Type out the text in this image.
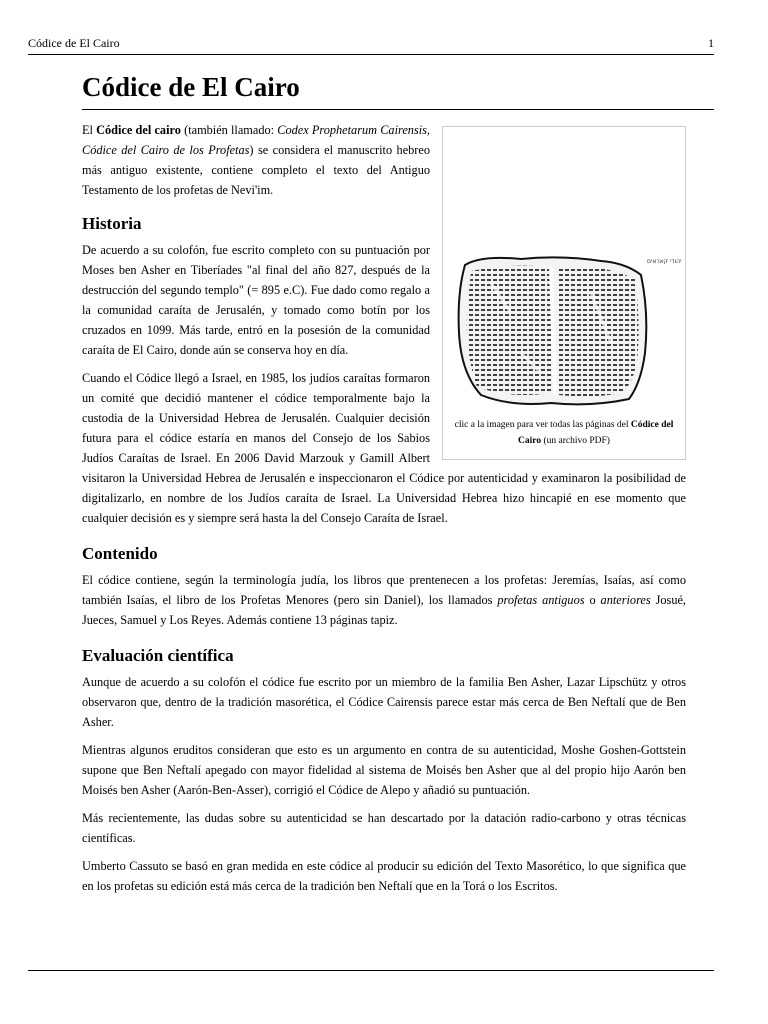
Códice de El Cairo	1
Códice de El Cairo
יהודי קאראים
clic a la imagen para ver todas las páginas del Códice del Cairo (un archivo PDF)

El Códice del cairo (también llamado: Codex Prophetarum Cairensis, Códice del Cairo de los Profetas) se considera el manuscrito hebreo más antiguo existente, contiene completo el texto del Antiguo Testamento de los profetas de Nevi'im.

Historia

De acuerdo a su colofón, fue escrito completo con su puntuación por Moses ben Asher en Tiberíades "al final del año 827, después de la destrucción del segundo templo" (= 895 e.C). Fue dado como regalo a la comunidad caraíta de Jerusalén, y tomado como botín por los cruzados en 1099. Más tarde, entró en la posesión de la comunidad caraíta de El Cairo, donde aún se conserva hoy en día.

Cuando el Códice llegó a Israel, en 1985, los judíos caraítas formaron un comité que decidió mantener el códice temporalmente bajo la custodia de la Universidad Hebrea de Jerusalén. Cualquier decisión futura para el códice estaría en manos del Consejo de los Sabios Judíos Caraítas de Israel. En 2006 David Marzouk y Gamill Albert visitaron la Universidad Hebrea de Jerusalén e inspeccionaron el Códice por autenticidad y examinaron la posibilidad de digitalizarlo, en nombre de los Judíos caraíta de Israel. La Universidad Hebrea hizo hincapié en ese momento que cualquier decisión es y siempre será hasta la del Consejo Caraíta de Israel.

Contenido

El códice contiene, según la terminología judía, los libros que prentenecen a los profetas: Jeremías, Isaías, así como también Isaías, el libro de los Profetas Menores (pero sin Daniel), los llamados profetas antiguos o anteriores Josué, Jueces, Samuel y Los Reyes. Además contiene 13 páginas tapiz.

Evaluación científica

Aunque de acuerdo a su colofón el códice fue escrito por un miembro de la familia Ben Asher, Lazar Lipschütz y otros observaron que, dentro de la tradición masorética, el Códice Cairensis parece estar más cerca de Ben Neftalí que de Ben Asher.

Mientras algunos eruditos consideran que esto es un argumento en contra de su autenticidad, Moshe Goshen-Gottstein supone que Ben Neftalí apegado con mayor fidelidad al sistema de Moisés ben Asher que al del propio hijo Aarón ben Moisés ben Asher (Aarón-Ben-Asser), corrigió el Códice de Alepo y añadió su puntuación.

Más recientemente, las dudas sobre su autenticidad se han descartado por la datación radio-carbono y otras técnicas científicas.

Umberto Cassuto se basó en gran medida en este códice al producir su edición del Texto Masorético, lo que significa que en los profetas su edición está más cerca de la tradición ben Neftalí que en la Torá o los Escritos.
